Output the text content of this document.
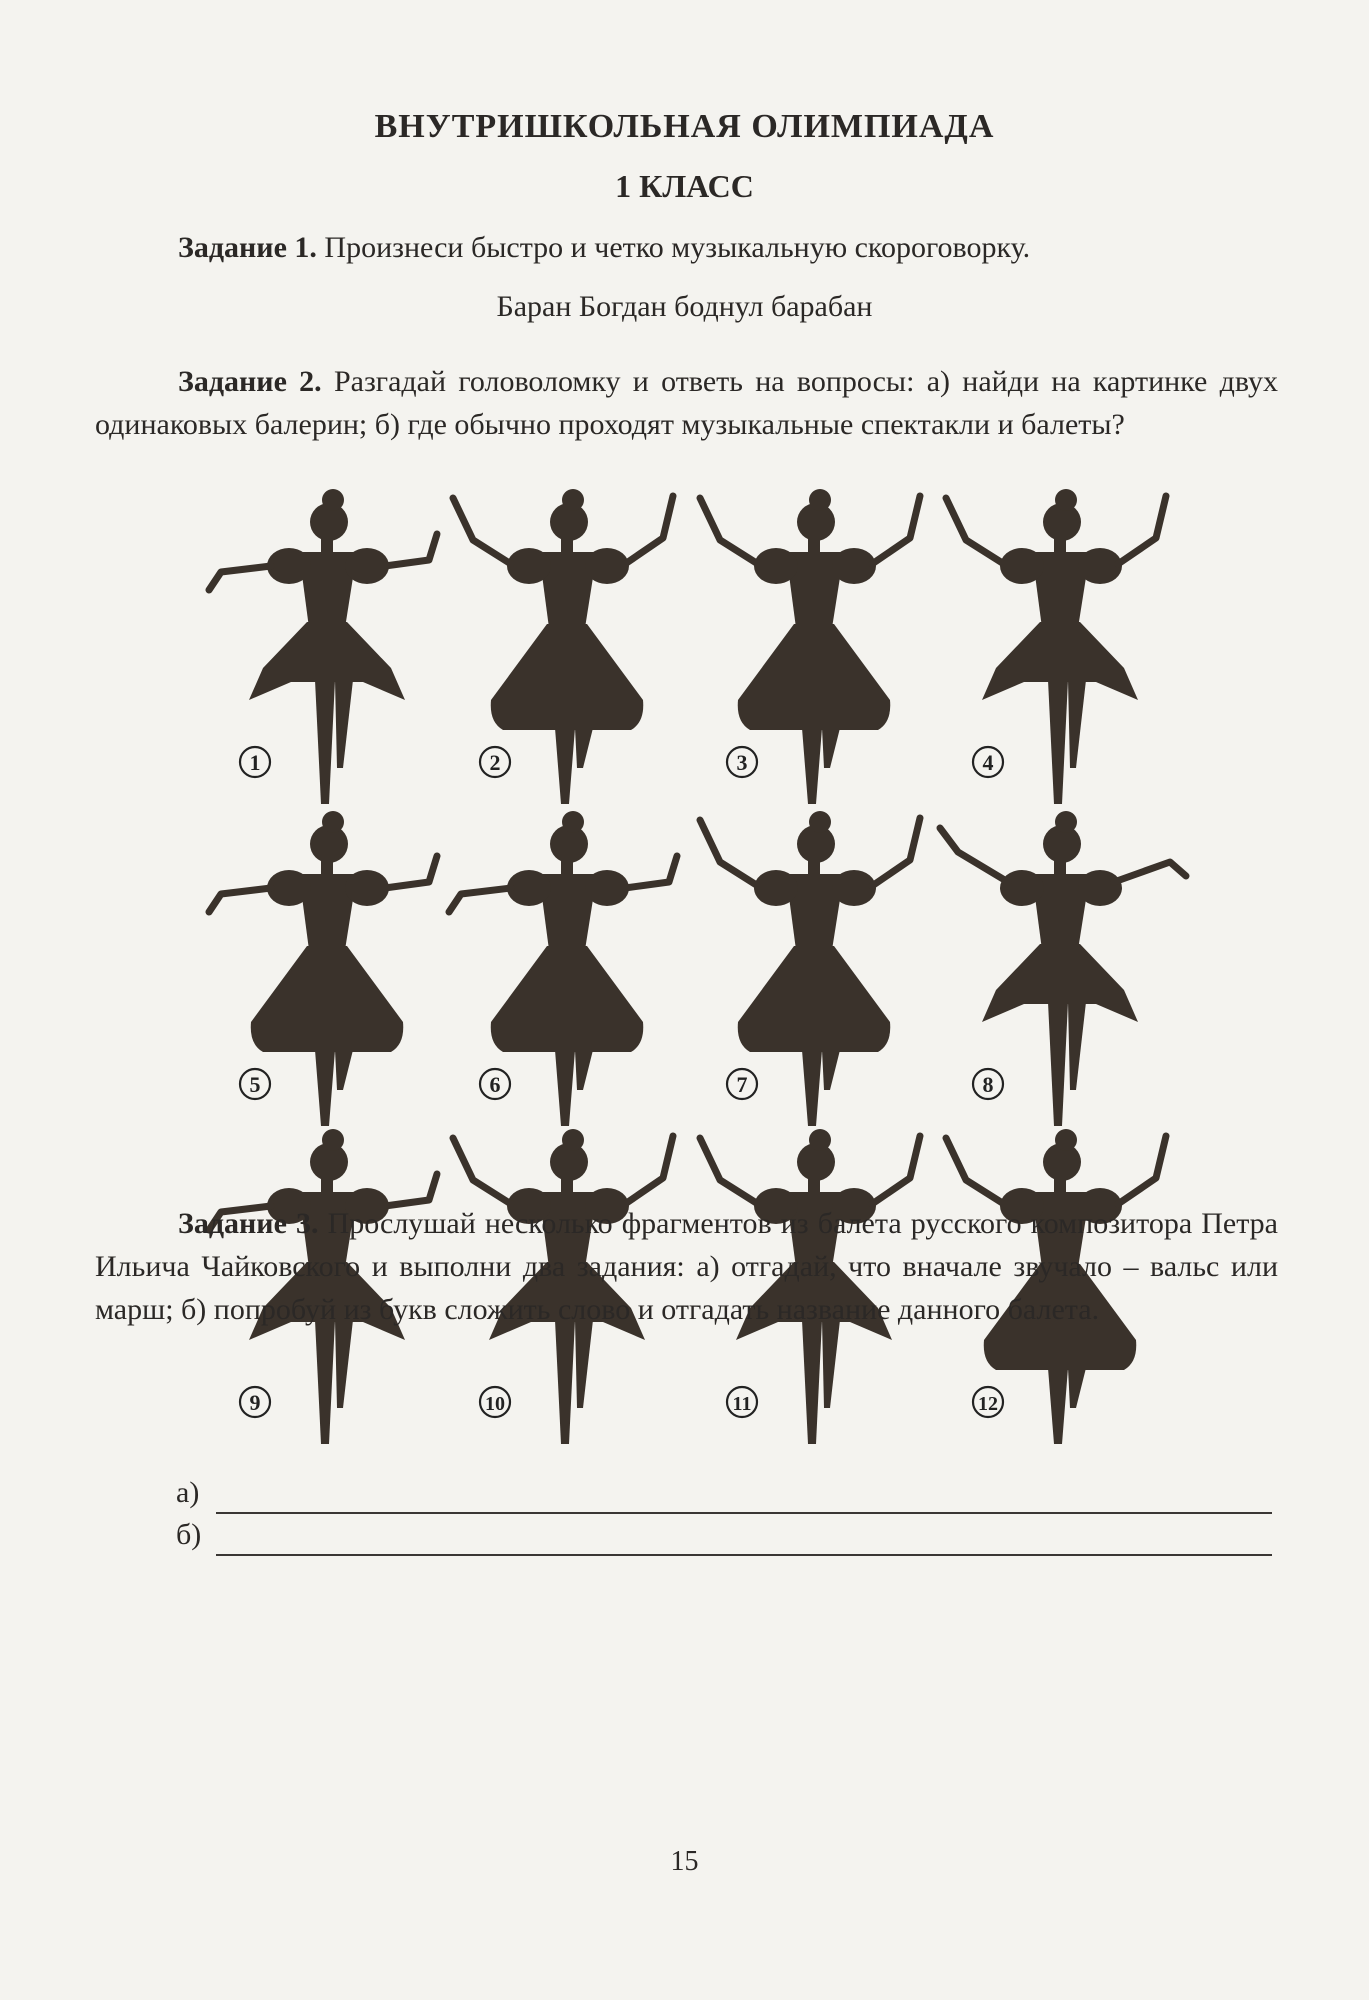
ВНУТРИШКОЛЬНАЯ ОЛИМПИАДА
1 КЛАСС
Задание 1. Произнеси быстро и четко музыкальную скороговорку.
Баран Богдан боднул барабан
Задание 2. Разгадай головоломку и ответь на вопросы: а) найди на картинке двух одинаковых балерин; б) где обычно проходят музыкальные спектакли и балеты?
1	2	3	4
5	6	7	8
9	10	11	12
а)
б)
Задание 3. Прослушай несколько фрагментов из балета русского композитора Петра Ильича Чайковского и выполни два задания: а) отгадай, что вначале звучало – вальс или марш; б) попробуй из букв сложить слово и отгадать название данного балета.
15
